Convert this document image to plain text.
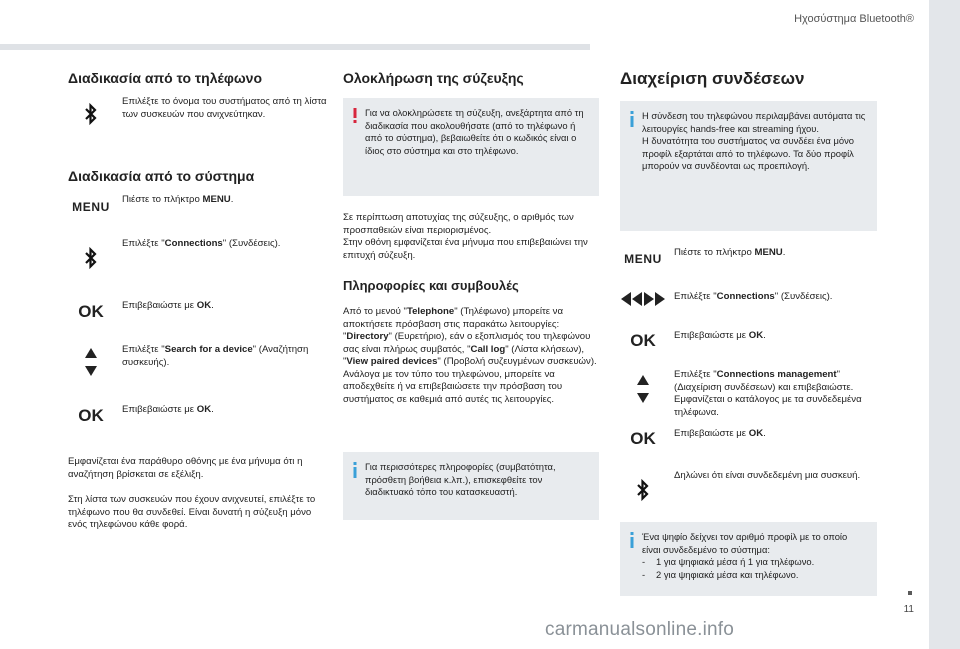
Ηχοσύστημα Bluetooth®
11
carmanualsonline.info
Διαδικασία από το τηλέφωνο
Επιλέξτε το όνομα του συστήματος από τη λίστα των συσκευών που ανιχνεύτηκαν.
Διαδικασία από το σύστημα
MENU
Πιέστε το πλήκτρο MENU.
Επιλέξτε "Connections" (Συνδέσεις).
OK	Επιβεβαιώστε με OK.
Επιλέξτε "Search for a device" (Αναζήτηση συσκευής).
OK	Επιβεβαιώστε με OK.
Εμφανίζεται ένα παράθυρο οθόνης με ένα μήνυμα ότι η αναζήτηση βρίσκεται σε εξέλιξη.
Στη λίστα των συσκευών που έχουν ανιχνευτεί, επιλέξτε το τηλέφωνο που θα συνδεθεί. Είναι δυνατή η σύζευξη μόνο ενός τηλεφώνου κάθε φορά.
Ολοκλήρωση της σύζευξης
Για να ολοκληρώσετε τη σύζευξη, ανεξάρτητα από τη διαδικασία που ακολουθήσατε (από το τηλέφωνο ή από το σύστημα), βεβαιωθείτε ότι ο κωδικός είναι ο ίδιος στο σύστημα και στο τηλέφωνο.
Σε περίπτωση αποτυχίας της σύζευξης, ο αριθμός των προσπαθειών είναι περιορισμένος.
Στην οθόνη εμφανίζεται ένα μήνυμα που επιβεβαιώνει την επιτυχή σύζευξη.
Πληροφορίες και συμβουλές
Από το μενού "Telephone" (Τηλέφωνο) μπορείτε να αποκτήσετε πρόσβαση στις παρακάτω λειτουργίες: "Directory" (Ευρετήριο), εάν ο εξοπλισμός του τηλεφώνου σας είναι πλήρως συμβατός, "Call log" (Λίστα κλήσεων), "View paired devices" (Προβολή συζευγμένων συσκευών).
Ανάλογα με τον τύπο του τηλεφώνου, μπορείτε να αποδεχθείτε ή να επιβεβαιώσετε την πρόσβαση του συστήματος σε καθεμιά από αυτές τις λειτουργίες.
Για περισσότερες πληροφορίες (συμβατότητα, πρόσθετη βοήθεια κ.λπ.), επισκεφθείτε τον διαδικτυακό τόπο του κατασκευαστή.
Διαχείριση συνδέσεων
Η σύνδεση του τηλεφώνου περιλαμβάνει αυτόματα τις λειτουργίες hands-free και streaming ήχου.
Η δυνατότητα του συστήματος να συνδέει ένα μόνο προφίλ εξαρτάται από το τηλέφωνο. Τα δύο προφίλ μπορούν να συνδέονται ως προεπιλογή.
MENU	Πιέστε το πλήκτρο MENU.
Επιλέξτε "Connections" (Συνδέσεις).
OK	Επιβεβαιώστε με OK.
Επιλέξτε "Connections management" (Διαχείριση συνδέσεων) και επιβεβαιώστε. Εμφανίζεται ο κατάλογος με τα συνδεδεμένα τηλέφωνα.
OK	Επιβεβαιώστε με OK.
Δηλώνει ότι είναι συνδεδεμένη μια συσκευή.
Ένα ψηφίο δείχνει τον αριθμό προφίλ με το οποίο είναι συνδεδεμένο το σύστημα:
- 1 για ψηφιακά μέσα ή 1 για τηλέφωνο.
- 2 για ψηφιακά μέσα και τηλέφωνο.
